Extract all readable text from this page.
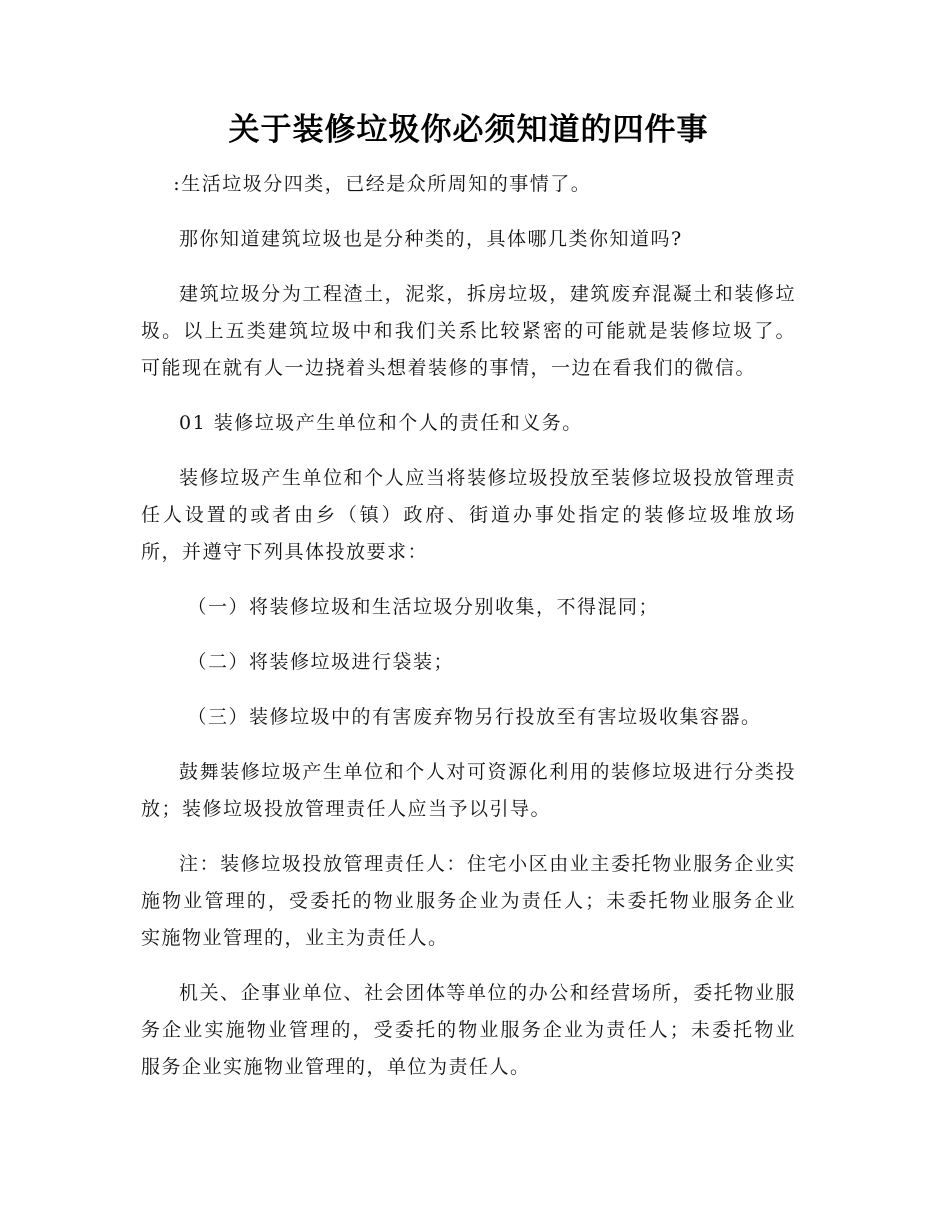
关于装修垃圾你必须知道的四件事

:生活垃圾分四类，已经是众所周知的事情了。

那你知道建筑垃圾也是分种类的，具体哪几类你知道吗?

建筑垃圾分为工程渣土，泥浆，拆房垃圾，建筑废弃混凝土和装修垃圾。以上五类建筑垃圾中和我们关系比较紧密的可能就是装修垃圾了。可能现在就有人一边挠着头想着装修的事情，一边在看我们的微信。

01 装修垃圾产生单位和个人的责任和义务。

装修垃圾产生单位和个人应当将装修垃圾投放至装修垃圾投放管理责任人设置的或者由乡（镇）政府、街道办事处指定的装修垃圾堆放场所，并遵守下列具体投放要求：

（一）将装修垃圾和生活垃圾分别收集，不得混同；

（二）将装修垃圾进行袋装；

（三）装修垃圾中的有害废弃物另行投放至有害垃圾收集容器。

鼓舞装修垃圾产生单位和个人对可资源化利用的装修垃圾进行分类投放；装修垃圾投放管理责任人应当予以引导。

注：装修垃圾投放管理责任人：住宅小区由业主委托物业服务企业实施物业管理的，受委托的物业服务企业为责任人；未委托物业服务企业实施物业管理的，业主为责任人。

机关、企事业单位、社会团体等单位的办公和经营场所，委托物业服务企业实施物业管理的，受委托的物业服务企业为责任人；未委托物业服务企业实施物业管理的，单位为责任人。
